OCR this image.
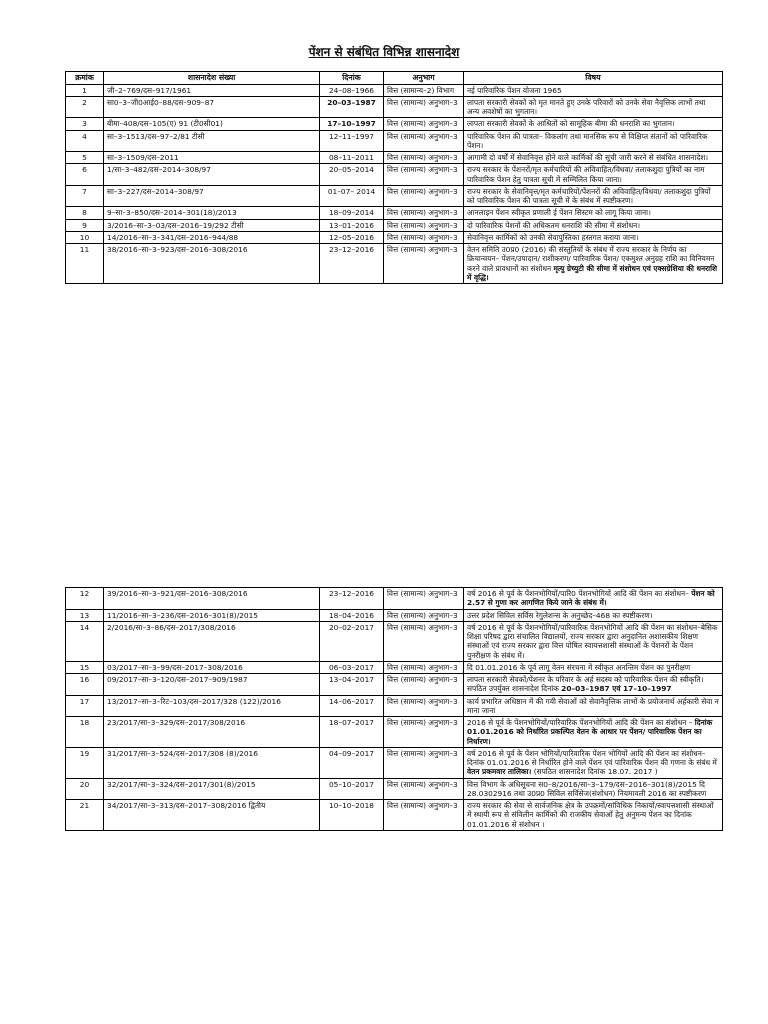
पेंशन से संबंधित विभिन्न शासनादेश
क्रमांक	शासनादेश संख्या	दिनांक	अनुभाग	विषय
1	जी–2–769/दस–917/1961	24–08–1966	वित्त (सामान्य–2) विभाग	नई पारिवारिक पेंशन योजना 1965
2	सा0–3–जी0आई0–88/दस–909–87	20–03–1987	वित्त (सामान्य) अनुभाग–3	लापता सरकारी सेवकों को मृत मानते हुए उनके परिवारों को उनके सेवा नैवृत्तिक लाभों तथा अन्य अवशेषों का भुगतान।
3	बीमा–408/दस–105(ए) 91 (टी0सी01)	17–10–1997	वित्त (सामान्य) अनुभाग–3	लापता सरकारी सेवकों के आश्रितों को सामूहिक बीमा की धनराशि का भुगतान।
4	सा–3–1513/दस–97–2/81 टीसी	12–11–1997	वित्त (सामान्य) अनुभाग–3	पारिवारिक पेंशन की पात्रता– विकलांग तथा मानसिक रूप से विक्षिप्त संतानों को पारिवारिक पेंशन।
5	सा–3–1509/दस–2011	08–11–2011	वित्त (सामान्य) अनुभाग–3	आगामी दो वर्षों में सेवानिवृत्त होने वाले कार्मिकों की सूची जारी करने से संबंधित शासनादेश।
6	1/सा–3–482/दस–2014–308/97	20–05–2014	वित्त (सामान्य) अनुभाग–3	राज्य सरकार के पेंशनरों/मृत कर्मचारियों की अविवाहित/विधवा/ तलाकशुदा पुत्रियों का नाम पारिवारिक पेंशन हेतु पात्रता सूची में सम्मिलित किया जाना।
7	सा–3–227/दस–2014–308/97	01–07– 2014	वित्त (सामान्य) अनुभाग–3	राज्य सरकार के सेवानिवृत्त/मृत कर्मचारियों/पेंशनरों की अविवाहित/विधवा/ तलाकशुदा पुत्रियों को पारिवारिक पेंशन की पात्रता सूची में के संबंध में स्पष्टीकरण।
8	9–सा–3–850/दस–2014–301(18)/2013	18–09–2014	वित्त (सामान्य) अनुभाग–3	आनलाइन पेंशन स्वीकृत प्रणाली ई पेंशन सिस्टम को लागू किया जाना।
9	3/2016–सा–3–03/दस–2016–19/292 टीसी	13–01–2016	वित्त (सामान्य) अनुभाग–3	दो पारिवारिक पेंशनों की अधिकतम धनराशि की सीमा में संशोधन।
10	14/2016–सा–3–341/दस–2016–944/88	12–05–2016	वित्त (सामान्य) अनुभाग–3	सेवानिवृत्त कार्मिकों को उनकी सेवापुस्तिका हस्तगत कराया जाना।
11	38/2016–सा–3–923/दस–2016–308/2016	23–12–2016	वित्त (सामान्य) अनुभाग–3	वेतन समिति उ0प्र0 (2016) की संस्तुतियों के संबंध में राज्य सरकार के निर्णय का क्रियान्वयन– पेंशन/उपादान/ राशीकरण/ पारिवारिक पेंशन/ एकमुश्त अनुग्रह राशि का विनियमन करने वाले प्रावधानों का संशोधन मृत्यु ग्रेच्युटी की सीमा में संशोधन एवं एक्सग्रेशिया की धनराशि में वृद्धि।
12	39/2016–सा–3–921/दस–2016–308/2016	23–12–2016	वित्त (सामान्य) अनुभाग–3	वर्ष 2016 से पूर्व के पेंशनभोगियों/पारि0 पेंशनभोगियों आदि की पेंशन का संशोधन– पेंशन को 2.57 से गुणा कर आगणित किये जाने के संबंध में।
13	11/2016–सा–3–236/दस–2016–301(8)/2015	18–04–2016	वित्त (सामान्य) अनुभाग–3	उत्तर प्रदेश सिविल सर्विस रेगुलेशन्स के अनुच्छेद–468 का स्पष्टीकरण।
14	2/2016/सा–3–86/दस–2017/308/2016	20–02–2017	वित्त (सामान्य) अनुभाग–3	वर्ष 2016 से पूर्व के पेंशनभोगियों/पारिवारिक पेंशनभोगियों आदि की पेंशन का संशोधन–बेसिक शिक्षा परिषद द्वारा संचालित विद्यालयों, राज्य सरकार द्वारा अनुदानित अशासकीय शिक्षण संस्थाओं एवं राज्य सरकार द्वारा वित्त पोषित स्वायत्तशासी संस्थाओं के पेंशनरों के पेंशन पुनरीक्षण के संबंध में।
15	03/2017–सा–3–99/दस–2017–308/2016	06–03–2017	वित्त (सामान्य) अनुभाग–3	दि 01.01.2016 के पूर्व लागू वेतन संरचना में स्वीकृत अनन्तिम पेंशन का पुनरीक्षण
16	09/2017–सा–3–120/दस–2017–909/1987	13–04–2017	वित्त (सामान्य) अनुभाग–3	लापता सरकारी सेवकों/पेंशनर के परिवार के अर्ह सदस्य को पारिवारिक पेंशन की स्वीकृति। सपठित उपर्युक्त शासनादेश दिनांक 20–03–1987 एवं 17–10–1997
17	13/2017–सा–3–रिट–103/दस–2017/328 (122)/2016	14–06–2017	वित्त (सामान्य) अनुभाग–3	कार्य प्रभारित अधिष्ठान में की गयी सेवाओं को सेवानैवृत्तिक लाभों के प्रयोजनार्थ अर्हकारी सेवा न माना जाना
18	23/2017/सा–3–329/दस–2017/308/2016	18–07–2017	वित्त (सामान्य) अनुभाग–3	2016 से पूर्व के पेंशनभोगियों/पारिवारिक पेंशनभोगियों आदि की पेंशन का संशोधन – दिनांक 01.01.2016 को निर्धारित प्रकल्पित वेतन के आधार पर पेंशन/ पारिवारिक पेंशन का निर्धारण।
19	31/2017/सा–3–524/दस–2017/308 (8)/2016	04–09–2017	वित्त (सामान्य) अनुभाग–3	वर्ष 2016 से पूर्व के पेंशन भोगियों/पारिवारिक पेंशन भोगियों आदि की पेंशन का संशोधन–दिनांक 01.01.2016 से निर्धारित होने वाले पेंशन एवं पारिवारिक पेंशन की गणना के संबंध में वेतन प्रकमवार तालिका। (सपठित शासनादेश दिनांक 18.07. 2017 )
20	32/2017/सा–3–324/दस–2017/301(8)/2015	05–10–2017	वित्त (सामान्य) अनुभाग–3	वित्त विभाग के अधिसूचना स0–8/2016/सा–3–179/दस–2016–301(8)/2015 दि 28.0302916 तथा उ0प्र0 सिविल सर्विसेज(संशोधन) नियमावली 2016 का स्पष्टीकरण
21	34/2017/सा–3–313/दस–2017–308/2016 द्वितीय	10–10–2018	वित्त (सामान्य) अनुभाग–3	राज्य सरकार की सेवा से सार्वजनिक क्षेत्र के उपक्रमों/सांविधिक निकायों/स्वायत्तशासी संस्थाओं में स्थायी रूप से संविलीन कार्मिकों की राजकीय सेवाओं हेतु अनुमन्य पेंशन का दिनांक 01.01.2016 से संशोधन ।
